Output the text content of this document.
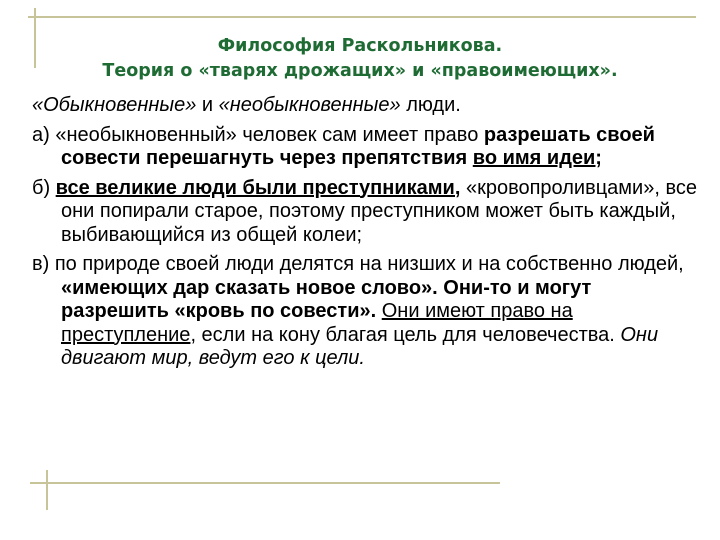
Философия Раскольникова.
Теория о «тварях дрожащих» и «правоимеющих».

«Обыкновенные» и «необыкновенные» люди.

а) «необыкновенный» человек сам имеет право разрешать своей совести перешагнуть через препятствия во имя идеи;

б) все великие люди были преступниками, «кровопроливцами», все они попирали старое, поэтому преступником может быть каждый, выбивающийся из общей колеи;

в) по природе своей люди делятся на низших и на собственно людей, «имеющих дар сказать новое слово». Они-то и могут разрешить «кровь по совести». Они имеют право на преступление, если на кону благая цель для человечества. Они двигают мир, ведут его к цели.
